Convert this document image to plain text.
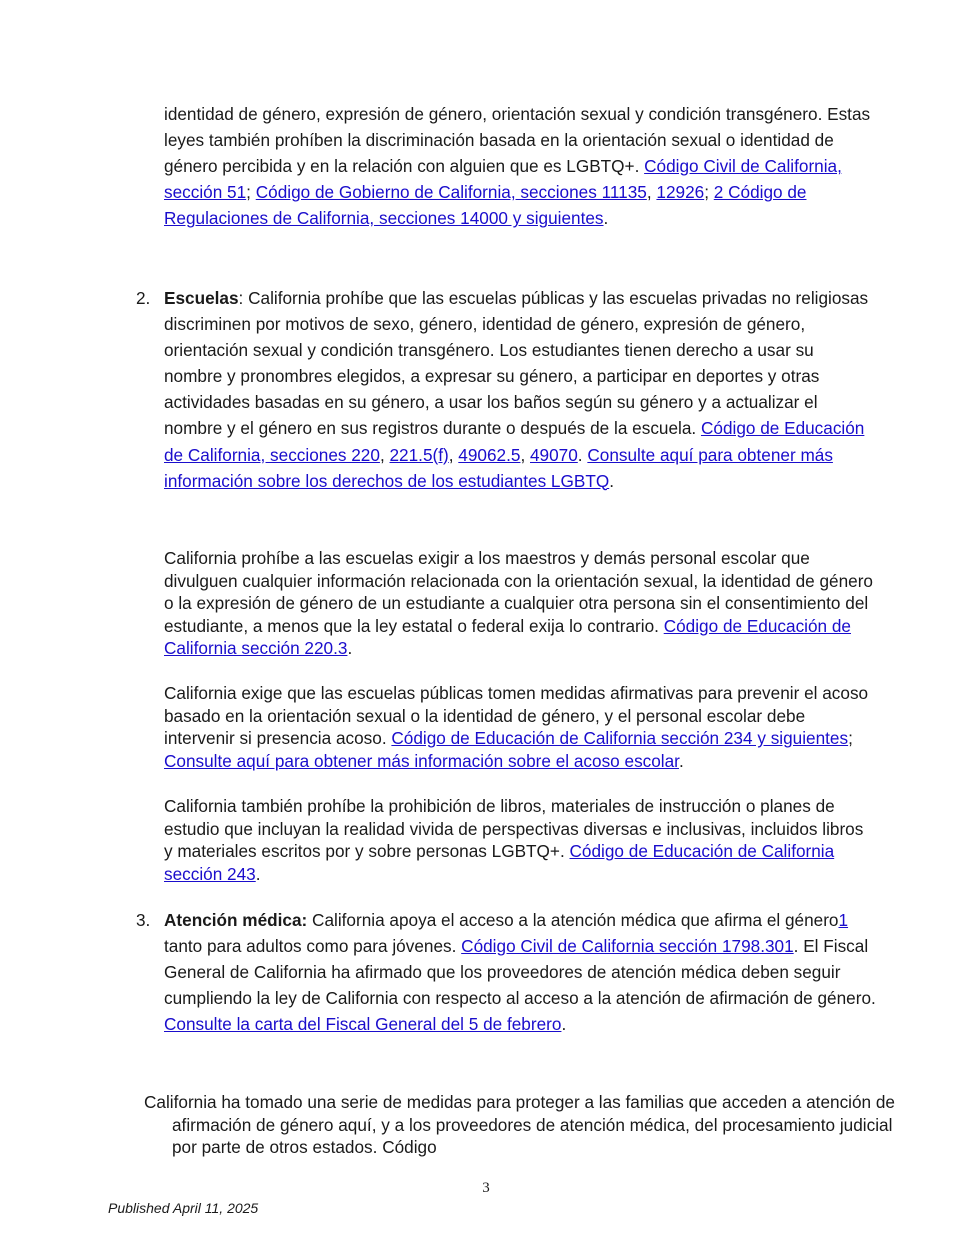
identidad de género, expresión de género, orientación sexual y condición transgénero. Estas leyes también prohíben la discriminación basada en la orientación sexual o identidad de género percibida y en la relación con alguien que es LGBTQ+. Código Civil de California, sección 51; Código de Gobierno de California, secciones 11135, 12926; 2 Código de Regulaciones de California, secciones 14000 y siguientes.

2. Escuelas: California prohíbe que las escuelas públicas y las escuelas privadas no religiosas discriminen por motivos de sexo, género, identidad de género, expresión de género, orientación sexual y condición transgénero. Los estudiantes tienen derecho a usar su nombre y pronombres elegidos, a expresar su género, a participar en deportes y otras actividades basadas en su género, a usar los baños según su género y a actualizar el nombre y el género en sus registros durante o después de la escuela. Código de Educación de California, secciones 220, 221.5(f), 49062.5, 49070. Consulte aquí para obtener más información sobre los derechos de los estudiantes LGBTQ.

California prohíbe a las escuelas exigir a los maestros y demás personal escolar que divulguen cualquier información relacionada con la orientación sexual, la identidad de género o la expresión de género de un estudiante a cualquier otra persona sin el consentimiento del estudiante, a menos que la ley estatal o federal exija lo contrario. Código de Educación de California sección 220.3.

California exige que las escuelas públicas tomen medidas afirmativas para prevenir el acoso basado en la orientación sexual o la identidad de género, y el personal escolar debe intervenir si presencia acoso. Código de Educación de California sección 234 y siguientes; Consulte aquí para obtener más información sobre el acoso escolar.

California también prohíbe la prohibición de libros, materiales de instrucción o planes de estudio que incluyan la realidad vivida de perspectivas diversas e inclusivas, incluidos libros y materiales escritos por y sobre personas LGBTQ+. Código de Educación de California sección 243.

3. Atención médica: California apoya el acceso a la atención médica que afirma el género1 tanto para adultos como para jóvenes. Código Civil de California sección 1798.301. El Fiscal General de California ha afirmado que los proveedores de atención médica deben seguir cumpliendo la ley de California con respecto al acceso a la atención de afirmación de género. Consulte la carta del Fiscal General del 5 de febrero.

California ha tomado una serie de medidas para proteger a las familias que acceden a atención de afirmación de género aquí, y a los proveedores de atención médica, del procesamiento judicial por parte de otros estados. Código

3
Published April 11, 2025
